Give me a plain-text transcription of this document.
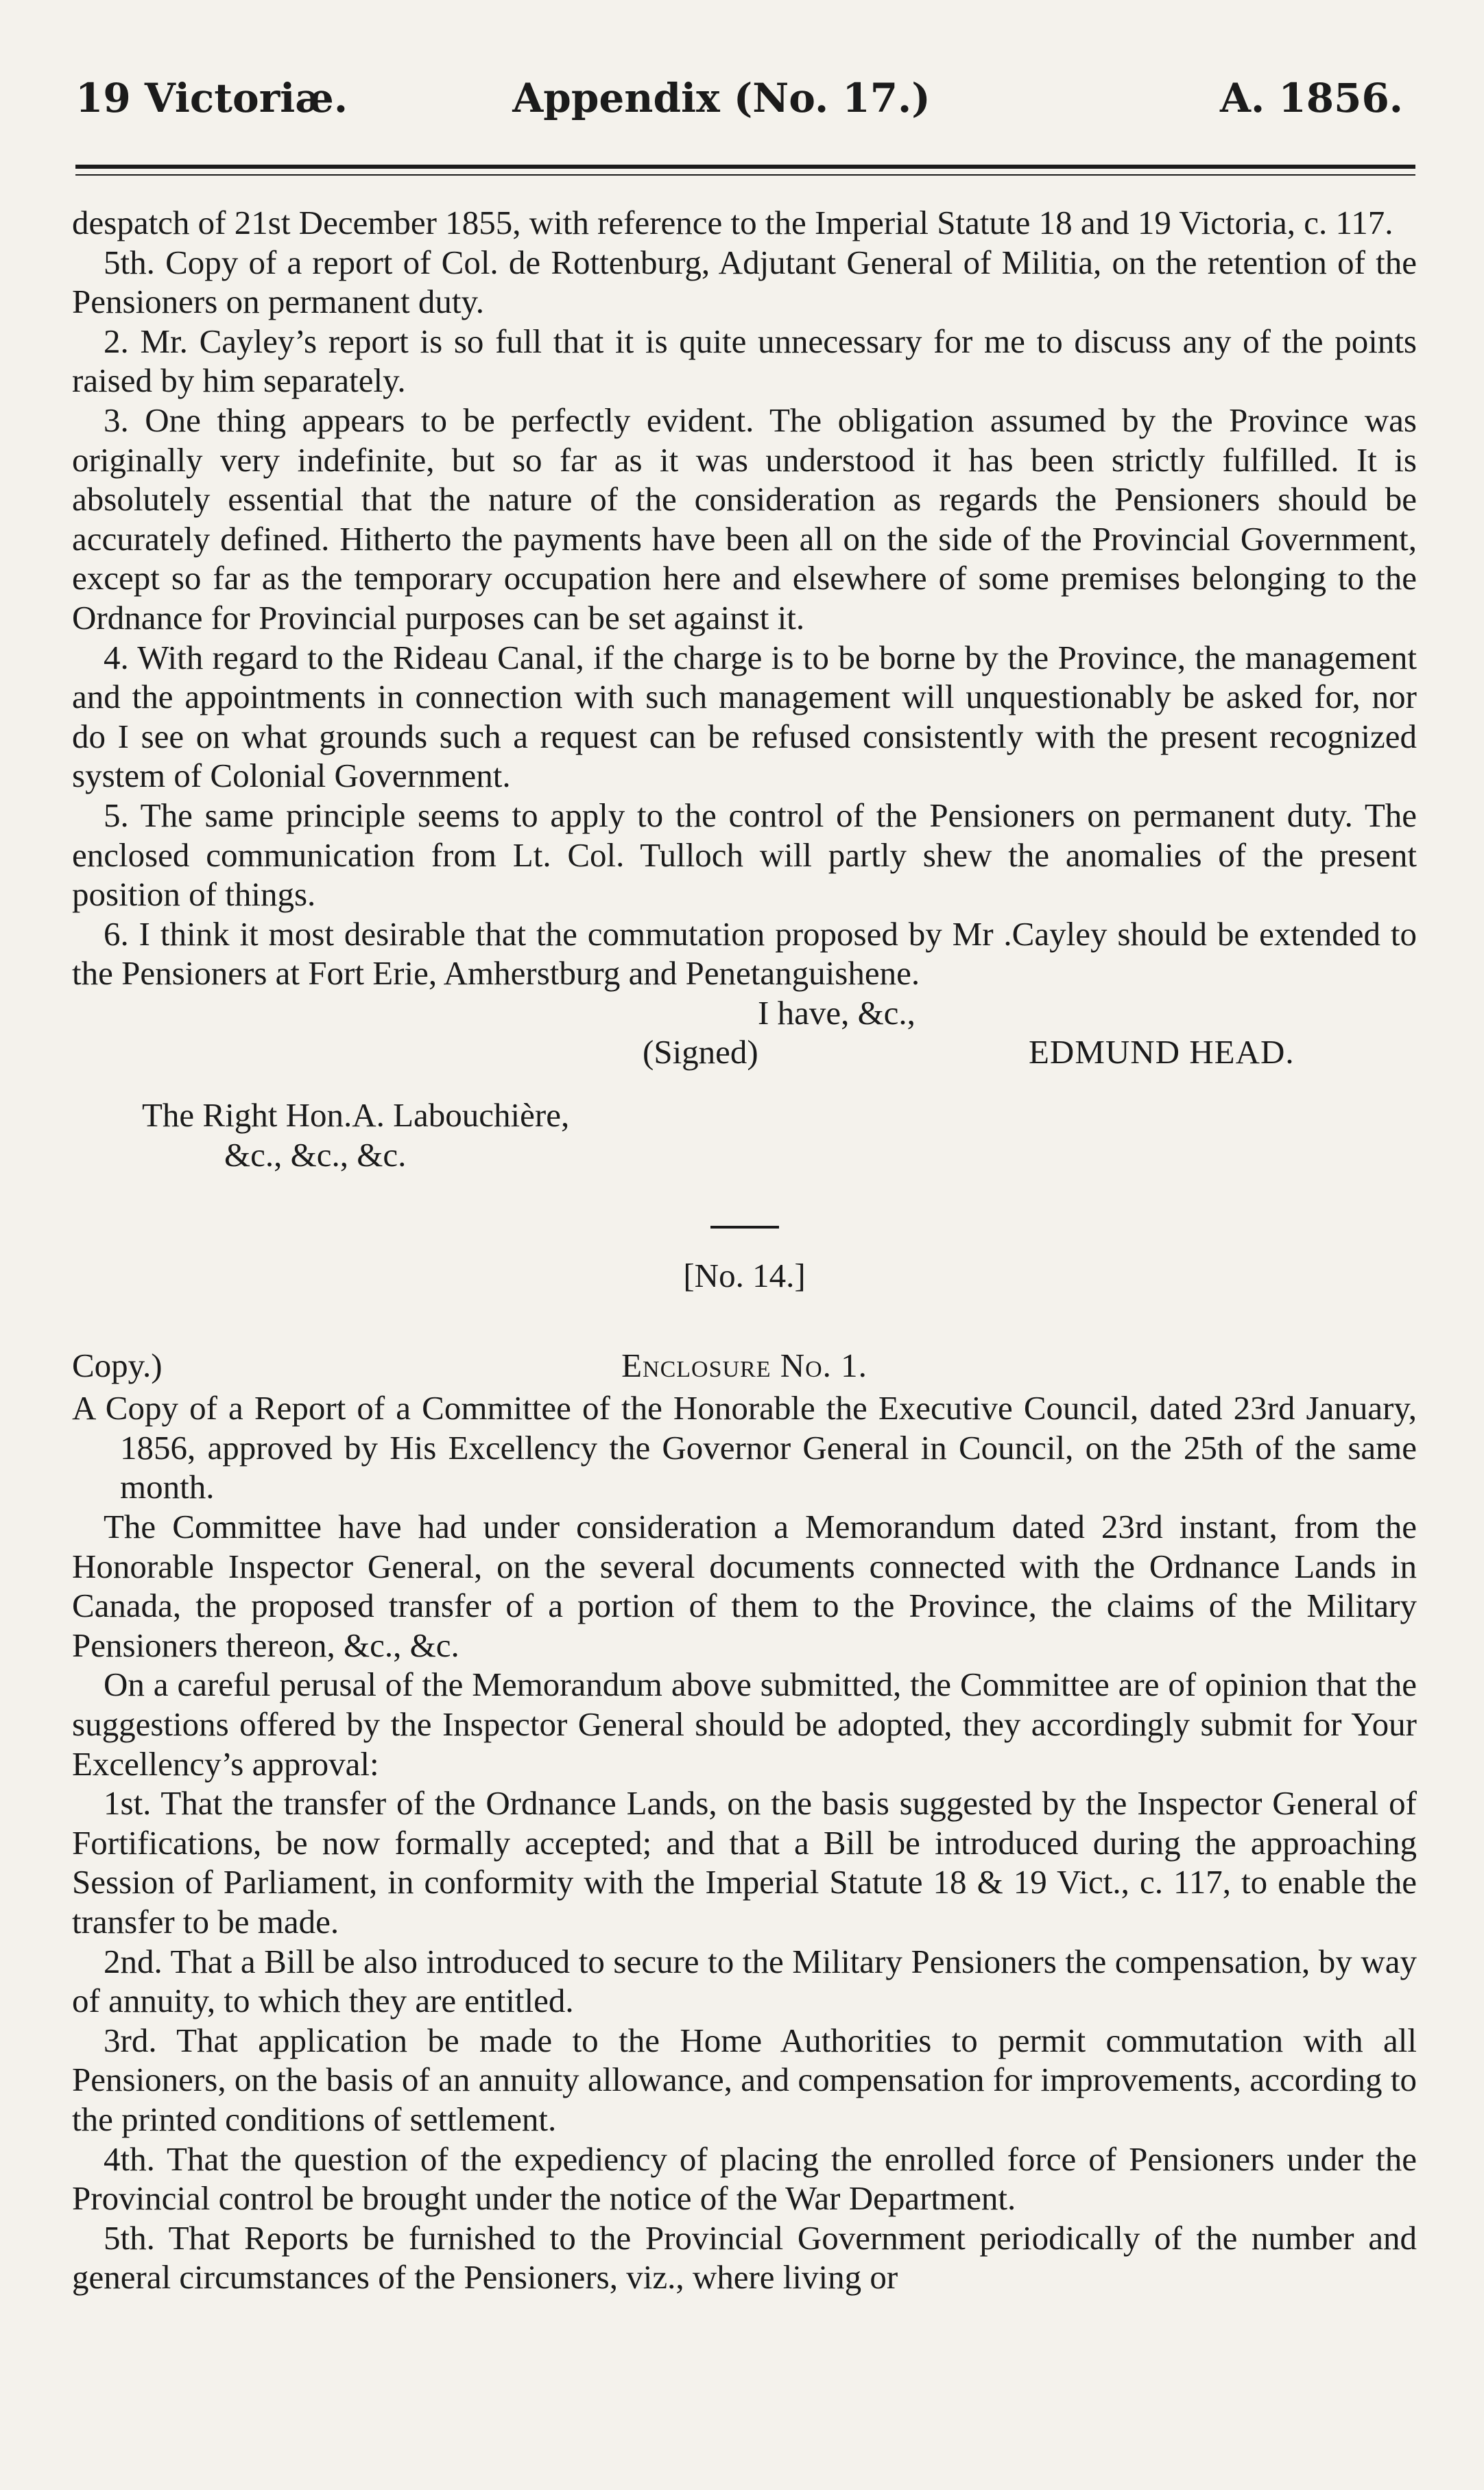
19 Victoriæ.	Appendix (No. 17.)	A. 1856.

despatch of 21st December 1855, with reference to the Imperial Statute 18 and 19 Victoria, c. 117.

5th. Copy of a report of Col. de Rottenburg, Adjutant General of Militia, on the retention of the Pensioners on permanent duty.

2. Mr. Cayley’s report is so full that it is quite unnecessary for me to discuss any of the points raised by him separately.

3. One thing appears to be perfectly evident. The obligation assumed by the Province was originally very indefinite, but so far as it was understood it has been strictly fulfilled. It is absolutely essential that the nature of the consideration as regards the Pensioners should be accurately defined. Hitherto the payments have been all on the side of the Provincial Government, except so far as the temporary occupation here and elsewhere of some premises belonging to the Ordnance for Provincial purposes can be set against it.

4. With regard to the Rideau Canal, if the charge is to be borne by the Province, the management and the appointments in connection with such management will unquestionably be asked for, nor do I see on what grounds such a request can be refused consistently with the present recognized system of Colonial Government.

5. The same principle seems to apply to the control of the Pensioners on permanent duty. The enclosed communication from Lt. Col. Tulloch will partly shew the anomalies of the present position of things.

6. I think it most desirable that the commutation proposed by Mr .Cayley should be extended to the Pensioners at Fort Erie, Amherstburg and Penetanguishene.

I have, &c.,

(Signed)	EDMUND HEAD.

The Right Hon.A. Labouchière,

&c., &c., &c.

[No. 14.]

Copy.)	Enclosure No. 1.

A Copy of a Report of a Committee of the Honorable the Executive Council, dated 23rd January, 1856, approved by His Excellency the Governor General in Council, on the 25th of the same month.

The Committee have had under consideration a Memorandum dated 23rd instant, from the Honorable Inspector General, on the several documents connected with the Ordnance Lands in Canada, the proposed transfer of a portion of them to the Province, the claims of the Military Pensioners thereon, &c., &c.

On a careful perusal of the Memorandum above submitted, the Committee are of opinion that the suggestions offered by the Inspector General should be adopted, they accordingly submit for Your Excellency’s approval:

1st. That the transfer of the Ordnance Lands, on the basis suggested by the Inspector General of Fortifications, be now formally accepted; and that a Bill be introduced during the approaching Session of Parliament, in conformity with the Imperial Statute 18 & 19 Vict., c. 117, to enable the transfer to be made.

2nd. That a Bill be also introduced to secure to the Military Pensioners the compensation, by way of annuity, to which they are entitled.

3rd. That application be made to the Home Authorities to permit commutation with all Pensioners, on the basis of an annuity allowance, and compensation for improvements, according to the printed conditions of settlement.

4th. That the question of the expediency of placing the enrolled force of Pensioners under the Provincial control be brought under the notice of the War Department.

5th. That Reports be furnished to the Provincial Government periodically of the number and general circumstances of the Pensioners, viz., where living or
